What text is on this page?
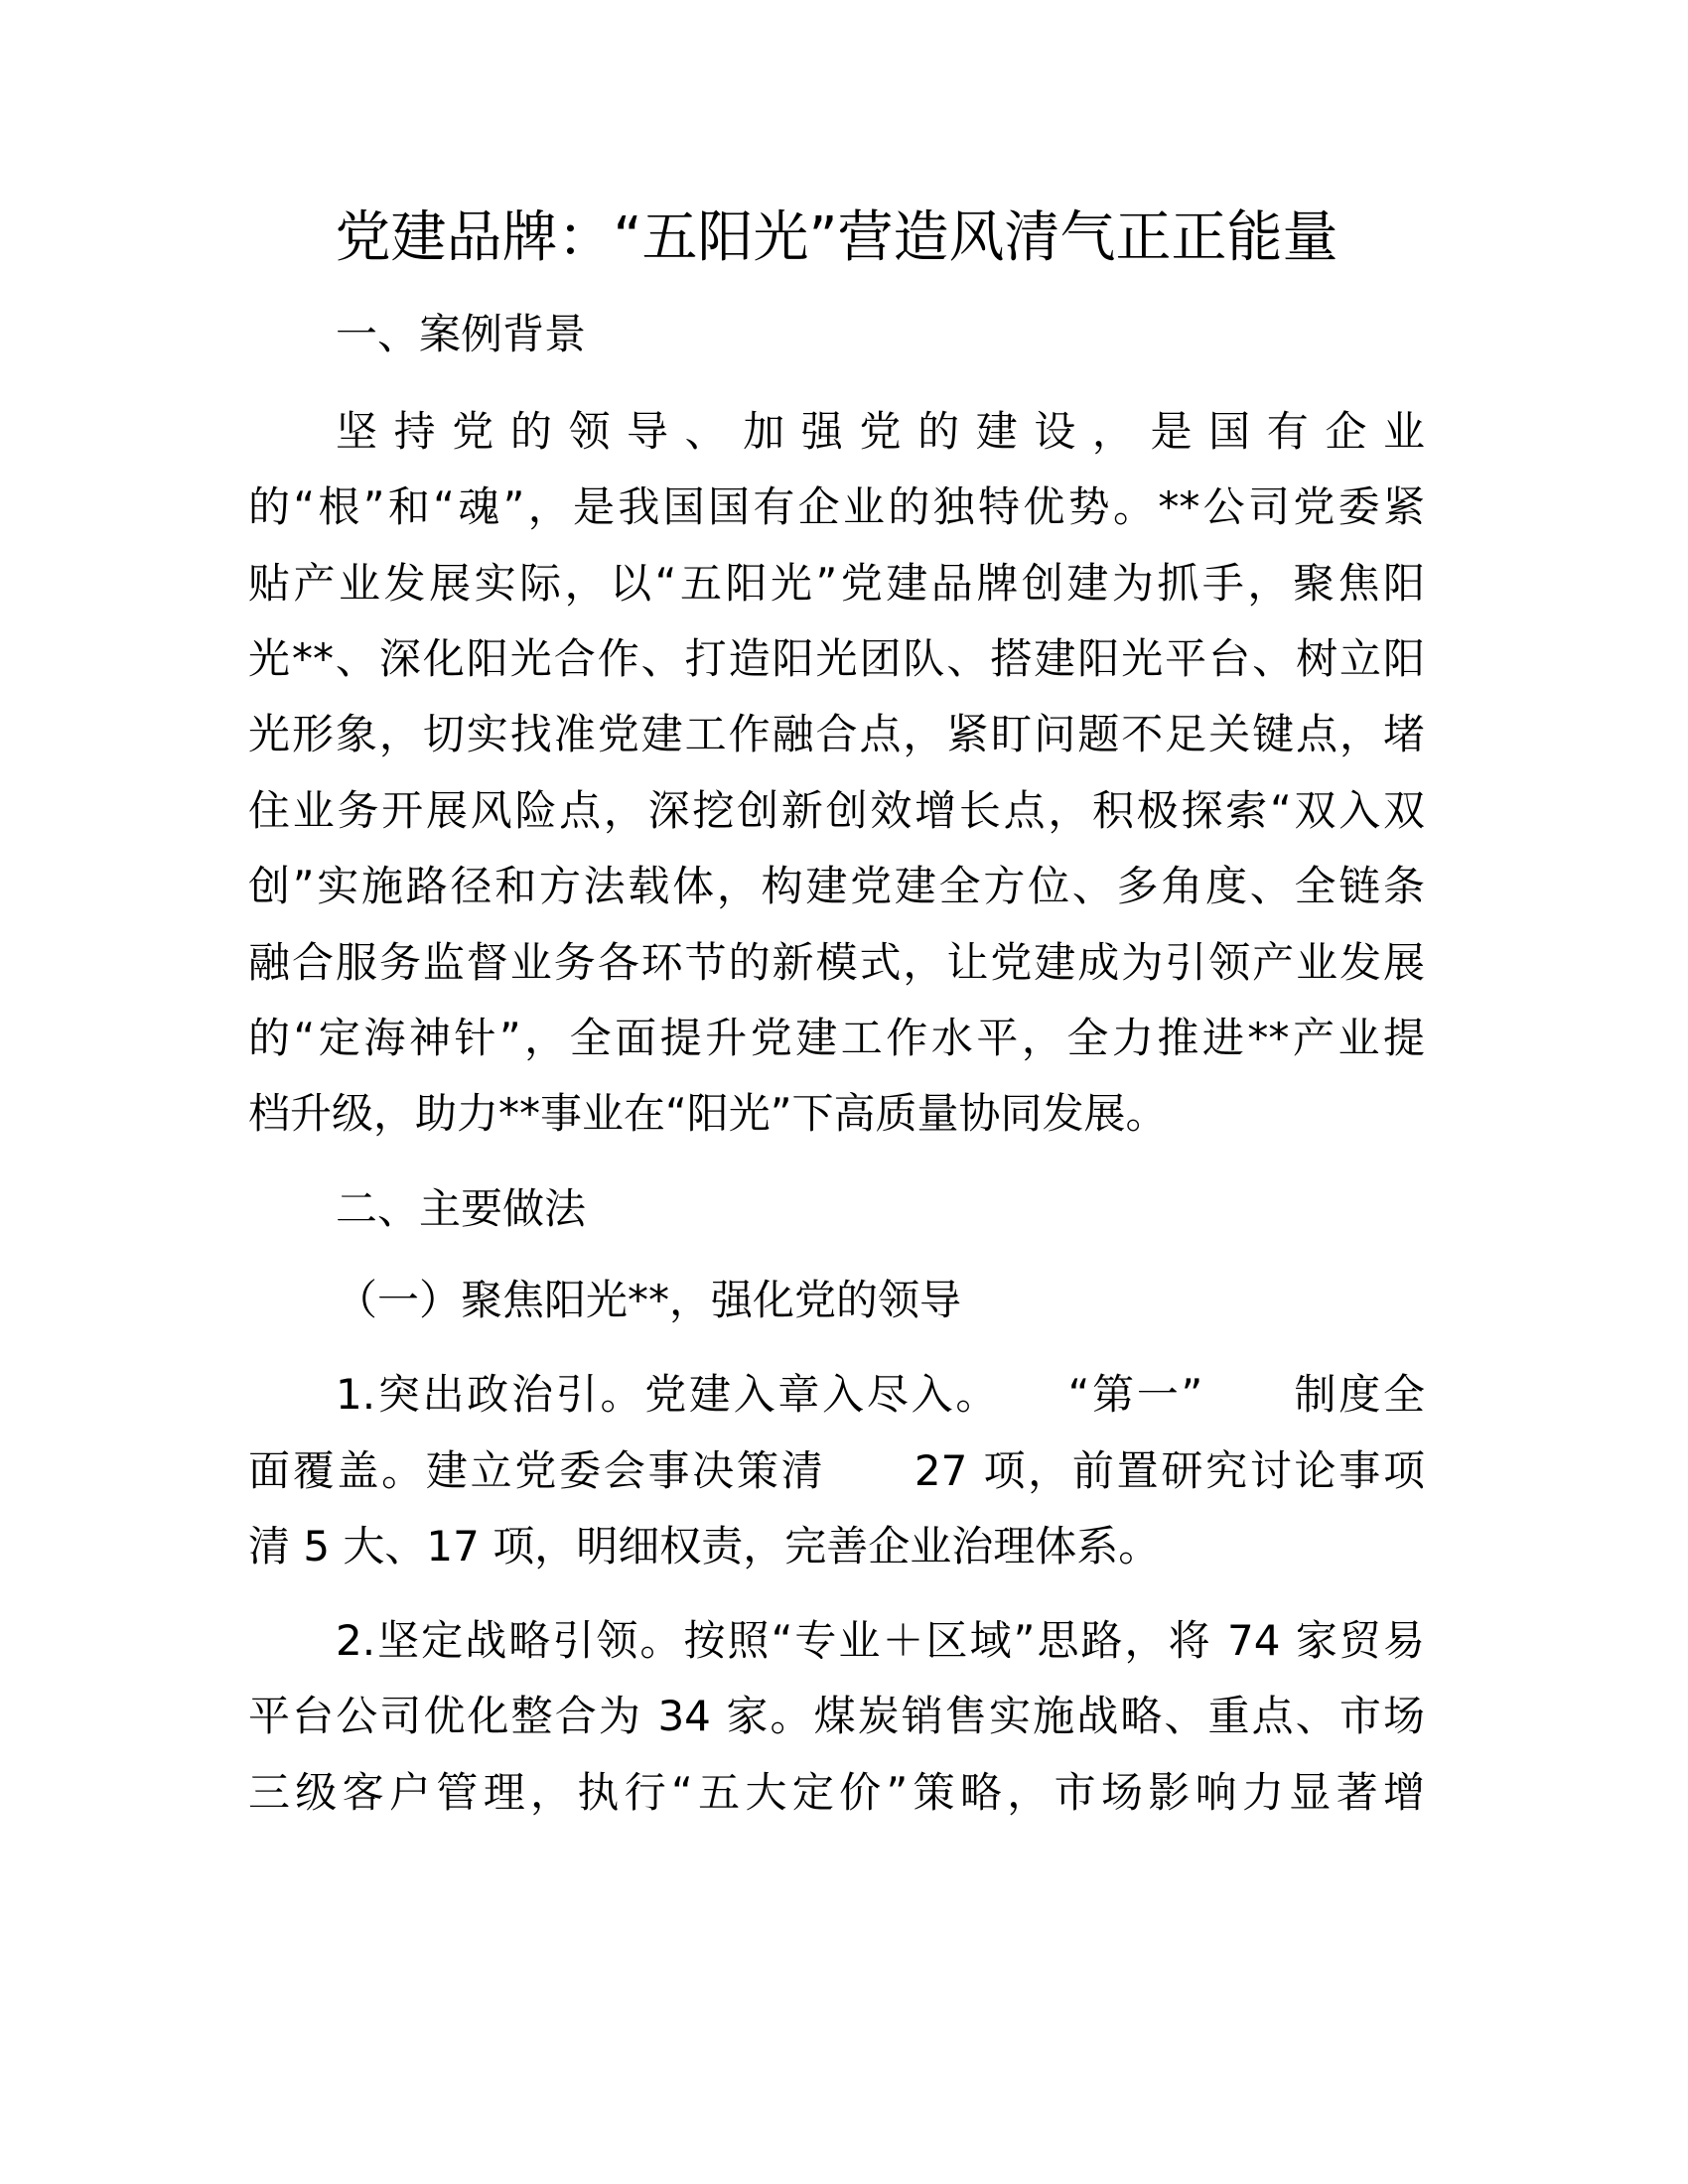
党建品牌：“五阳光”营造风清气正正能量
一、案例背景
坚持党的领导、加强党的建设，是国有企业
的“根”和“魂”，是我国国有企业的独特优势。**公司党委紧
贴产业发展实际，以“五阳光”党建品牌创建为抓手，聚焦阳
光**、深化阳光合作、打造阳光团队、搭建阳光平台、树立阳
光形象，切实找准党建工作融合点，紧盯问题不足关键点，堵
住业务开展风险点，深挖创新创效增长点，积极探索“双入双
创”实施路径和方法载体，构建党建全方位、多角度、全链条
融合服务监督业务各环节的新模式，让党建成为引领产业发展
的“定海神针”，全面提升党建工作水平，全力推进**产业提
档升级，助力**事业在“阳光”下高质量协同发展。
二、主要做法
（一）聚焦阳光**，强化党的领导
1.突出政治引。党建入章入尽入。　　“第一”　　制度全
面覆盖。建立党委会事决策清　　27 项，前置研究讨论事项
清 5 大、17 项，明细权责，完善企业治理体系。
2.坚定战略引领。按照“专业＋区域”思路，将 74 家贸易
平台公司优化整合为 34 家。煤炭销售实施战略、重点、市场
三级客户管理，执行“五大定价”策略，市场影响力显著增
